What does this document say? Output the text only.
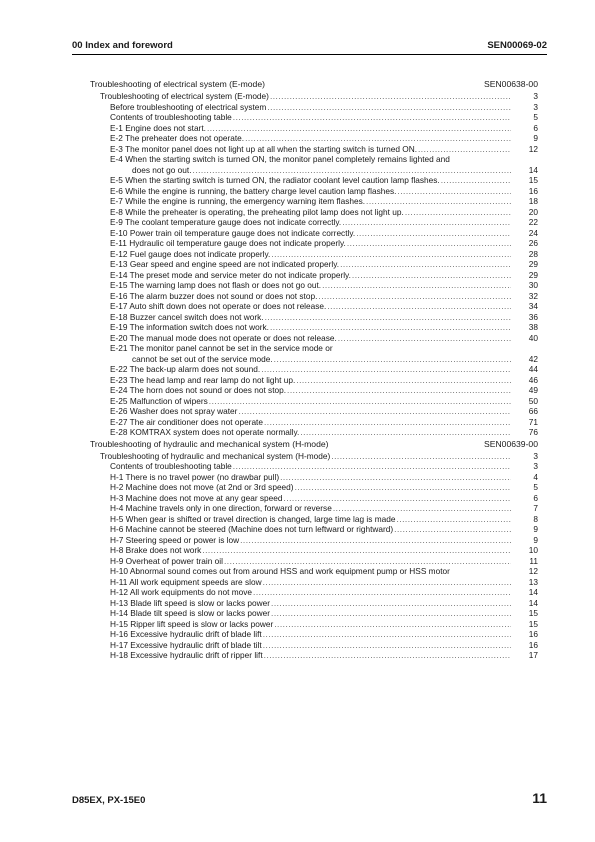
00 Index and foreword	SEN00069-02
Troubleshooting of electrical system (E-mode)	SEN00638-00
Troubleshooting of electrical system (E-mode) .....	3
Before troubleshooting of electrical system .....	3
Contents of troubleshooting table .....	5
E-1 Engine does not start. .....	6
E-2 The preheater does not operate. .....	9
E-3 The monitor panel does not light up at all when the starting switch is turned ON. .....	12
E-4 When the starting switch is turned ON, the monitor panel completely remains lighted and
does not go out. .....	14
E-5 When the starting switch is turned ON, the radiator coolant level caution lamp flashes. .....	15
E-6 While the engine is running, the battery charge level caution lamp flashes. .....	16
E-7 While the engine is running, the emergency warning item flashes. .....	18
E-8 While the preheater is operating, the preheating pilot lamp does not light up. .....	20
E-9 The coolant temperature gauge does not indicate correctly. .....	22
E-10 Power train oil temperature gauge does not indicate correctly. .....	24
E-11 Hydraulic oil temperature gauge does not indicate properly. .....	26
E-12 Fuel gauge does not indicate properly. .....	28
E-13 Gear speed and engine speed are not indicated properly. .....	29
E-14 The preset mode and service meter do not indicate properly. .....	29
E-15 The warning lamp does not flash or does not go out. .....	30
E-16 The alarm buzzer does not sound or does not stop. .....	32
E-17 Auto shift down does not operate or does not release. .....	34
E-18 Buzzer cancel switch does not work. .....	36
E-19 The information switch does not work. .....	38
E-20 The manual mode does not operate or does not release. .....	40
E-21 The monitor panel cannot be set in the service mode or
cannot be set out of the service mode. .....	42
E-22 The back-up alarm does not sound. .....	44
E-23 The head lamp and rear lamp do not light up. .....	46
E-24 The horn does not sound or does not stop. .....	49
E-25 Malfunction of wipers .....	50
E-26 Washer does not spray water .....	66
E-27 The air conditioner does not operate .....	71
E-28 KOMTRAX system does not operate normally. .....	76
Troubleshooting of hydraulic and mechanical system (H-mode)	SEN00639-00
Troubleshooting of hydraulic and mechanical system (H-mode) .....	3
Contents of troubleshooting table .....	3
H-1 There is no travel power (no drawbar pull) .....	4
H-2 Machine does not move (at 2nd or 3rd speed) .....	5
H-3 Machine does not move at any gear speed .....	6
H-4 Machine travels only in one direction, forward or reverse .....	7
H-5 When gear is shifted or travel direction is changed, large time lag is made .....	8
H-6 Machine cannot be steered (Machine does not turn leftward or rightward) .....	9
H-7 Steering speed or power is low .....	9
H-8 Brake does not work .....	10
H-9 Overheat of power train oil .....	11
H-10 Abnormal sound comes out from around HSS and work equipment pump or HSS motor	12
H-11 All work equipment speeds are slow .....	13
H-12 All work equipments do not move .....	14
H-13 Blade lift speed is slow or lacks power .....	14
H-14 Blade tilt speed is slow or lacks power .....	15
H-15 Ripper lift speed is slow or lacks power .....	15
H-16 Excessive hydraulic drift of blade lift .....	16
H-17 Excessive hydraulic drift of blade tilt .....	16
H-18 Excessive hydraulic drift of ripper lift .....	17
D85EX, PX-15E0	11
